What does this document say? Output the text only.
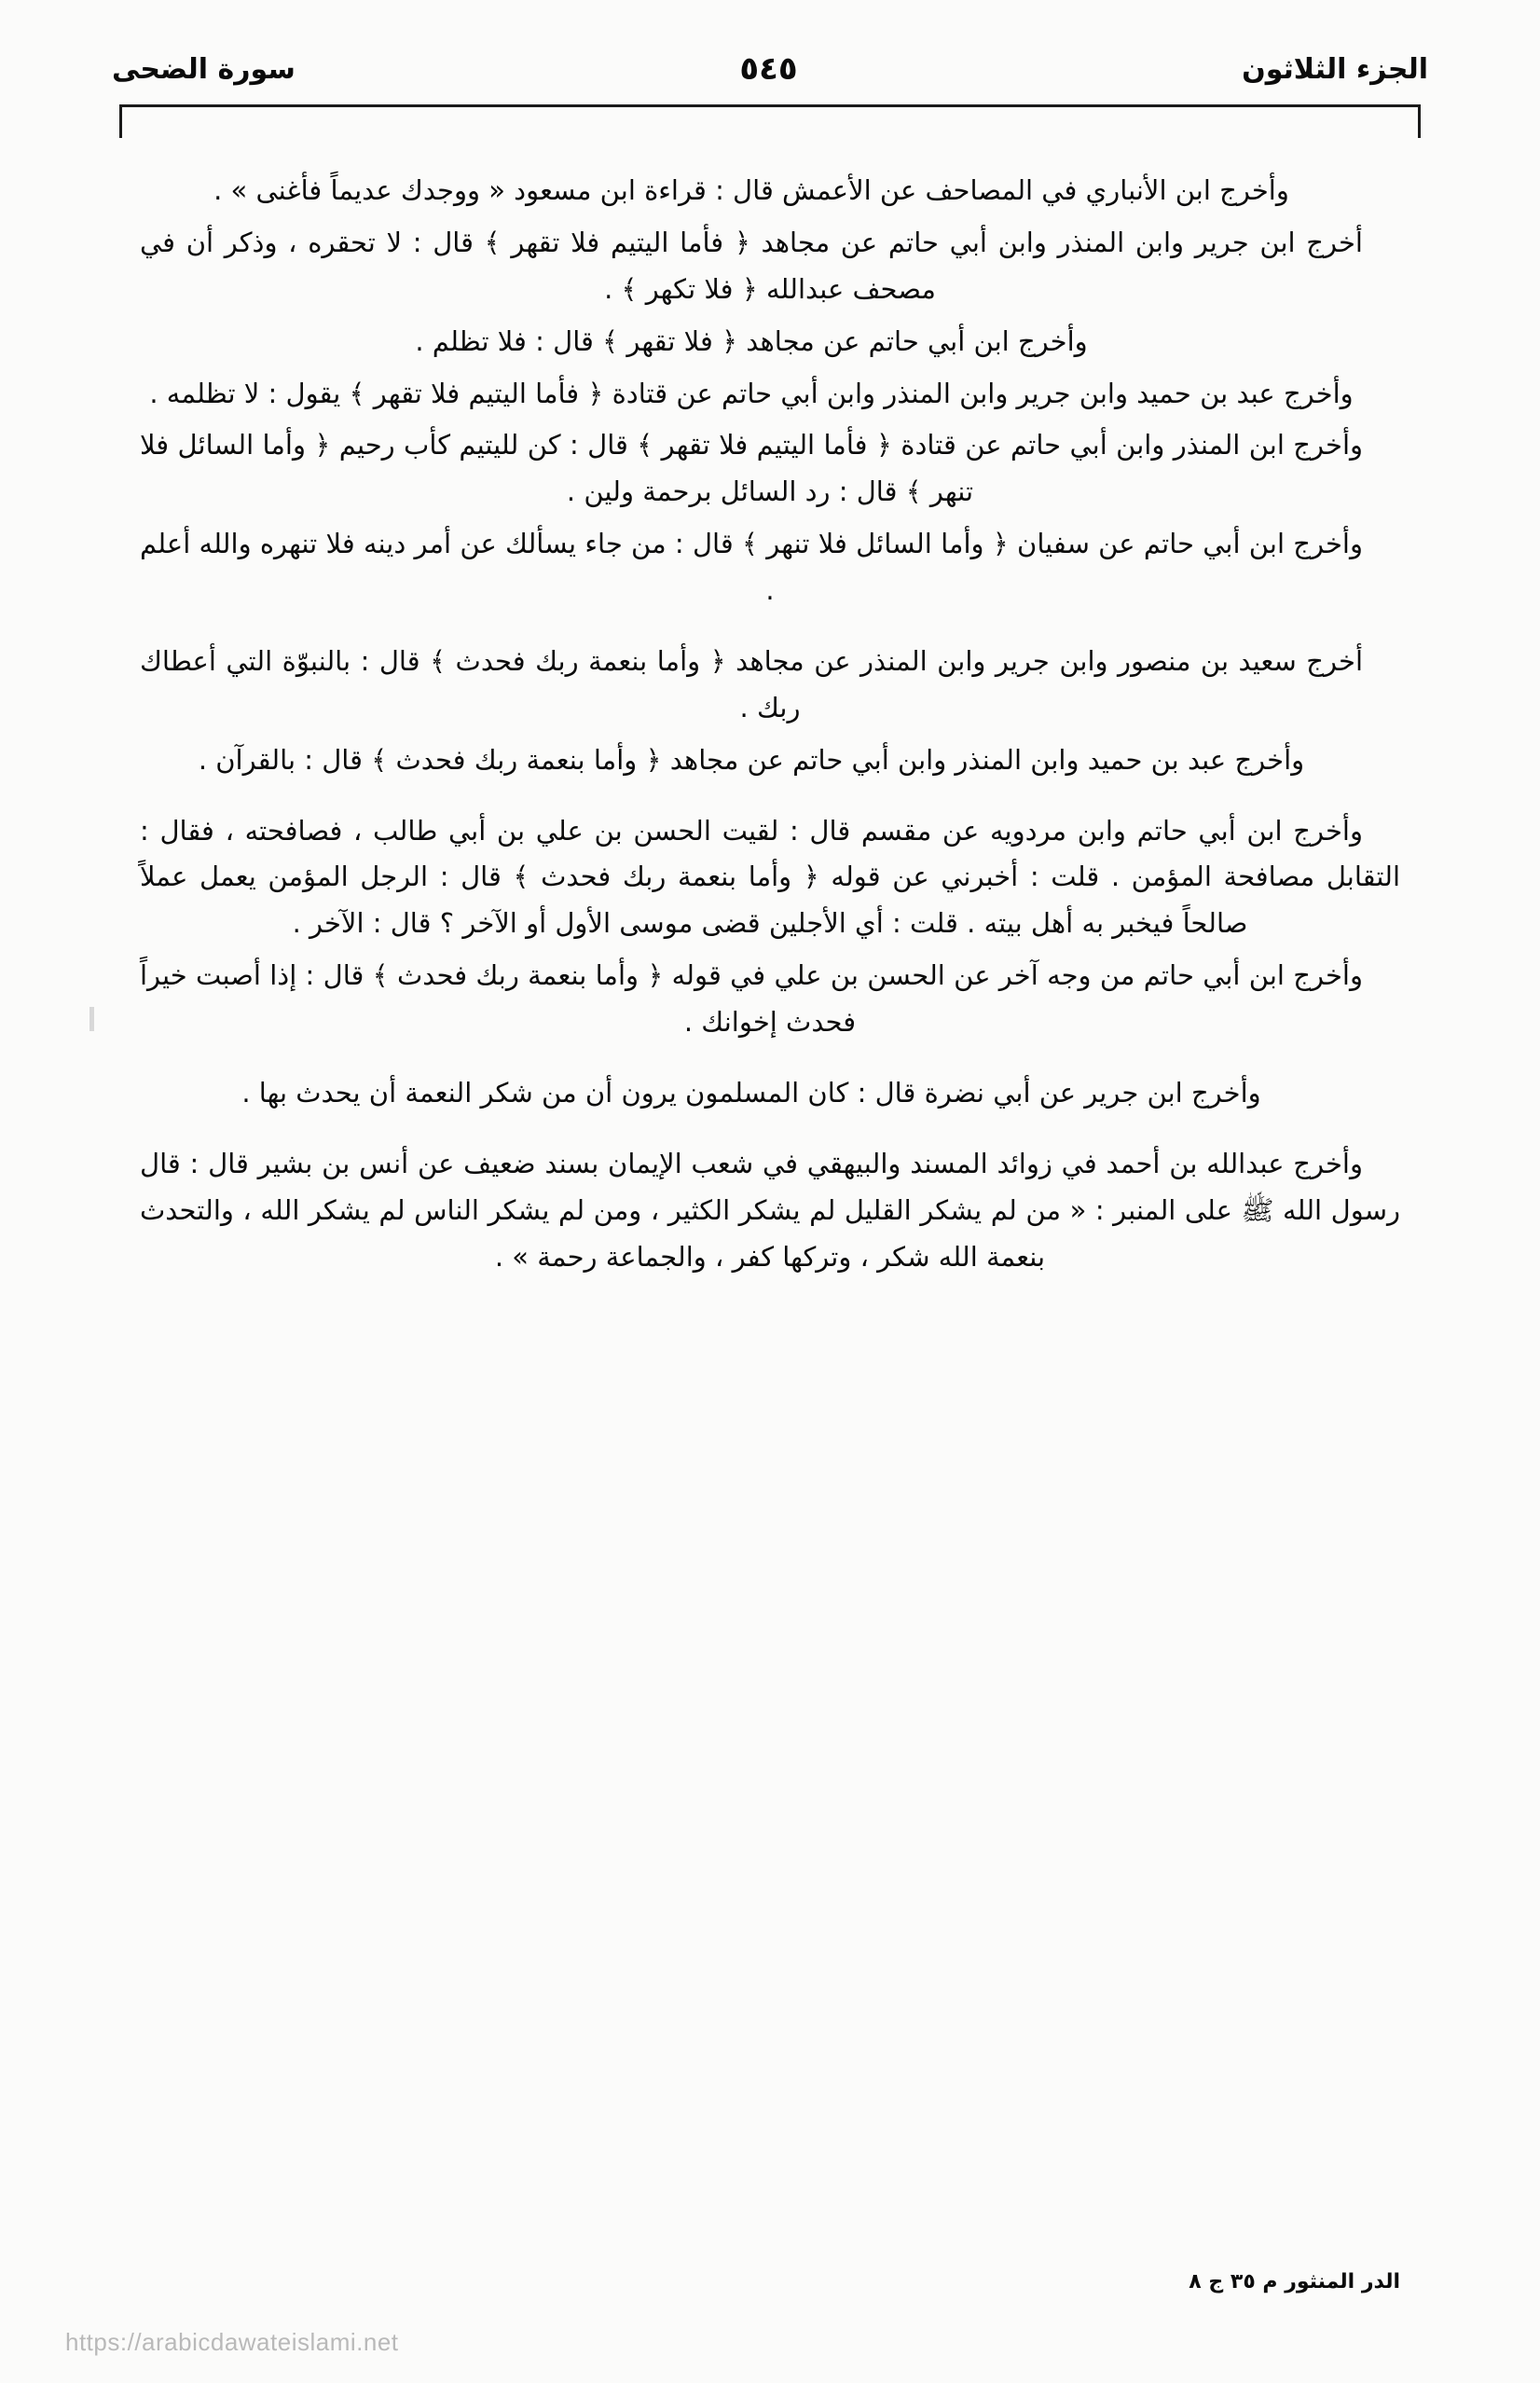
الجزء الثلاثون
٥٤٥
سورة الضحى

وأخرج ابن الأنباري في المصاحف عن الأعمش قال : قراءة ابن مسعود « ووجدك عديماً فأغنى » .

أخرج ابن جرير وابن المنذر وابن أبي حاتم عن مجاهد ﴿ فأما اليتيم فلا تقهر ﴾ قال : لا تحقره ، وذكر أن في مصحف عبدالله ﴿ فلا تكهر ﴾ .

وأخرج ابن أبي حاتم عن مجاهد ﴿ فلا تقهر ﴾ قال : فلا تظلم .

وأخرج عبد بن حميد وابن جرير وابن المنذر وابن أبي حاتم عن قتادة ﴿ فأما اليتيم فلا تقهر ﴾ يقول : لا تظلمه .

وأخرج ابن المنذر وابن أبي حاتم عن قتادة ﴿ فأما اليتيم فلا تقهر ﴾ قال : كن لليتيم كأب رحيم ﴿ وأما السائل فلا تنهر ﴾ قال : رد السائل برحمة ولين .

وأخرج ابن أبي حاتم عن سفيان ﴿ وأما السائل فلا تنهر ﴾ قال : من جاء يسألك عن أمر دينه فلا تنهره والله أعلم .

أخرج سعيد بن منصور وابن جرير وابن المنذر عن مجاهد ﴿ وأما بنعمة ربك فحدث ﴾ قال : بالنبوّة التي أعطاك ربك .

وأخرج عبد بن حميد وابن المنذر وابن أبي حاتم عن مجاهد ﴿ وأما بنعمة ربك فحدث ﴾ قال : بالقرآن .

وأخرج ابن أبي حاتم وابن مردويه عن مقسم قال : لقيت الحسن بن علي بن أبي طالب ، فصافحته ، فقال : التقابل مصافحة المؤمن . قلت : أخبرني عن قوله ﴿ وأما بنعمة ربك فحدث ﴾ قال : الرجل المؤمن يعمل عملاً صالحاً فيخبر به أهل بيته . قلت : أي الأجلين قضى موسى الأول أو الآخر ؟ قال : الآخر .

وأخرج ابن أبي حاتم من وجه آخر عن الحسن بن علي في قوله ﴿ وأما بنعمة ربك فحدث ﴾ قال : إذا أصبت خيراً فحدث إخوانك .

وأخرج ابن جرير عن أبي نضرة قال : كان المسلمون يرون أن من شكر النعمة أن يحدث بها .

وأخرج عبدالله بن أحمد في زوائد المسند والبيهقي في شعب الإيمان بسند ضعيف عن أنس بن بشير قال : قال رسول الله ﷺ على المنبر : « من لم يشكر القليل لم يشكر الكثير ، ومن لم يشكر الناس لم يشكر الله ، والتحدث بنعمة الله شكر ، وتركها كفر ، والجماعة رحمة » .

الدر المنثور م ٣٥ ج ٨
https://arabicdawateislami.net
